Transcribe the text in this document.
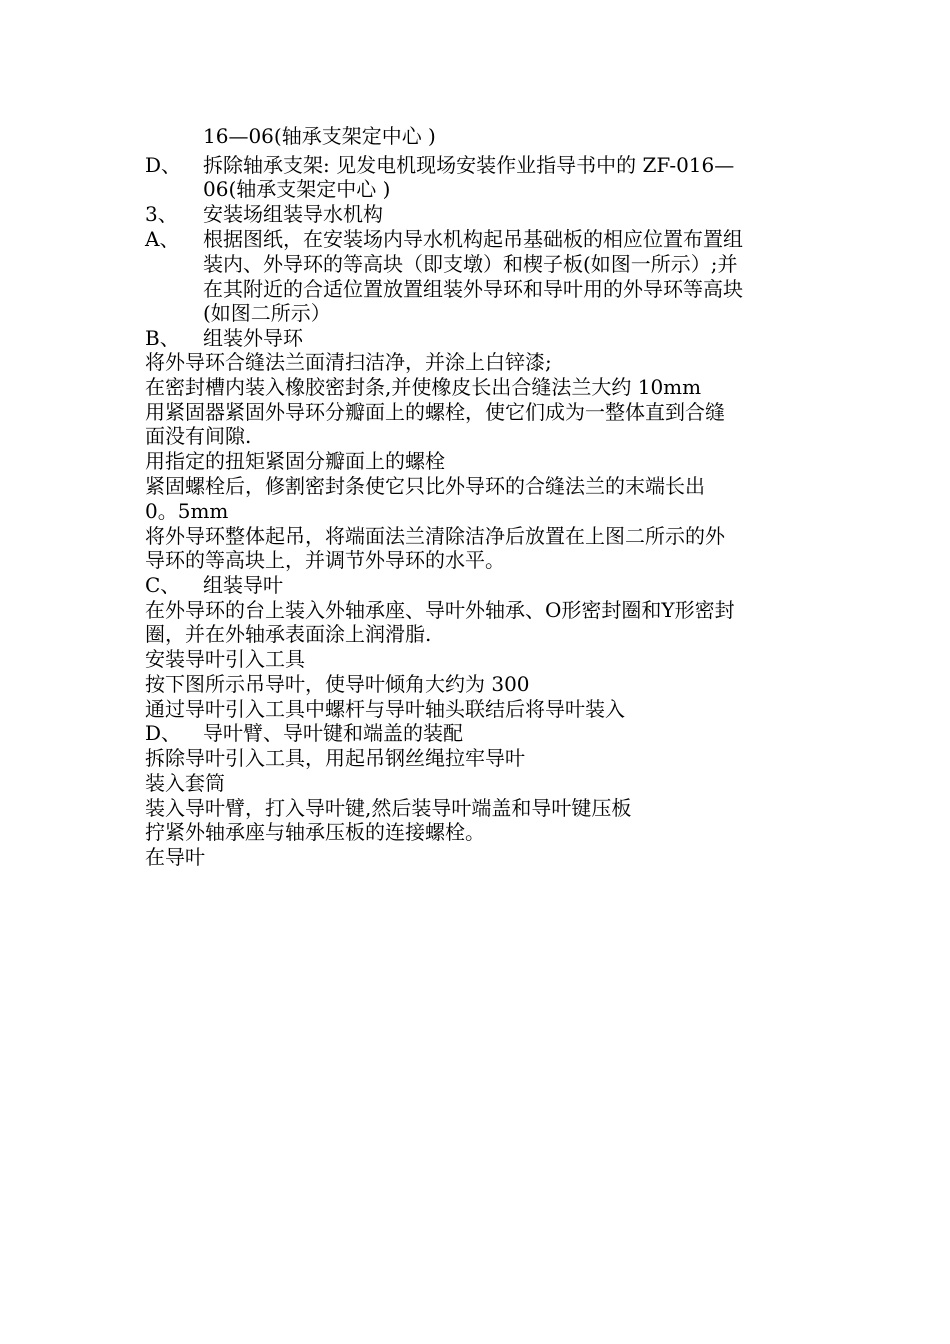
16—06(轴承支架定中心 )
D、 拆除轴承支架: 见发电机现场安装作业指导书中的 ZF-016—
06(轴承支架定中心 )
3、 安装场组装导水机构
A、 根据图纸，在安装场内导水机构起吊基础板的相应位置布置组
装内、外导环的等高块（即支墩）和楔子板(如图一所示）;并
在其附近的合适位置放置组装外导环和导叶用的外导环等高块
(如图二所示）
B、 组装外导环
将外导环合缝法兰面清扫洁净，并涂上白锌漆;
在密封槽内装入橡胶密封条,并使橡皮长出合缝法兰大约 10mm
用紧固器紧固外导环分瓣面上的螺栓，使它们成为一整体直到合缝
面没有间隙.
用指定的扭矩紧固分瓣面上的螺栓
紧固螺栓后，修割密封条使它只比外导环的合缝法兰的末端长出
0。5mm
将外导环整体起吊，将端面法兰清除洁净后放置在上图二所示的外
导环的等高块上，并调节外导环的水平。
C、 组装导叶
在外导环的台上装入外轴承座、导叶外轴承、O形密封圈和Y形密封
圈，并在外轴承表面涂上润滑脂.
安装导叶引入工具
按下图所示吊导叶，使导叶倾角大约为 300
通过导叶引入工具中螺杆与导叶轴头联结后将导叶装入
D、 导叶臂、导叶键和端盖的装配
拆除导叶引入工具，用起吊钢丝绳拉牢导叶
装入套筒
装入导叶臂，打入导叶键,然后装导叶端盖和导叶键压板
拧紧外轴承座与轴承压板的连接螺栓。
在导叶
